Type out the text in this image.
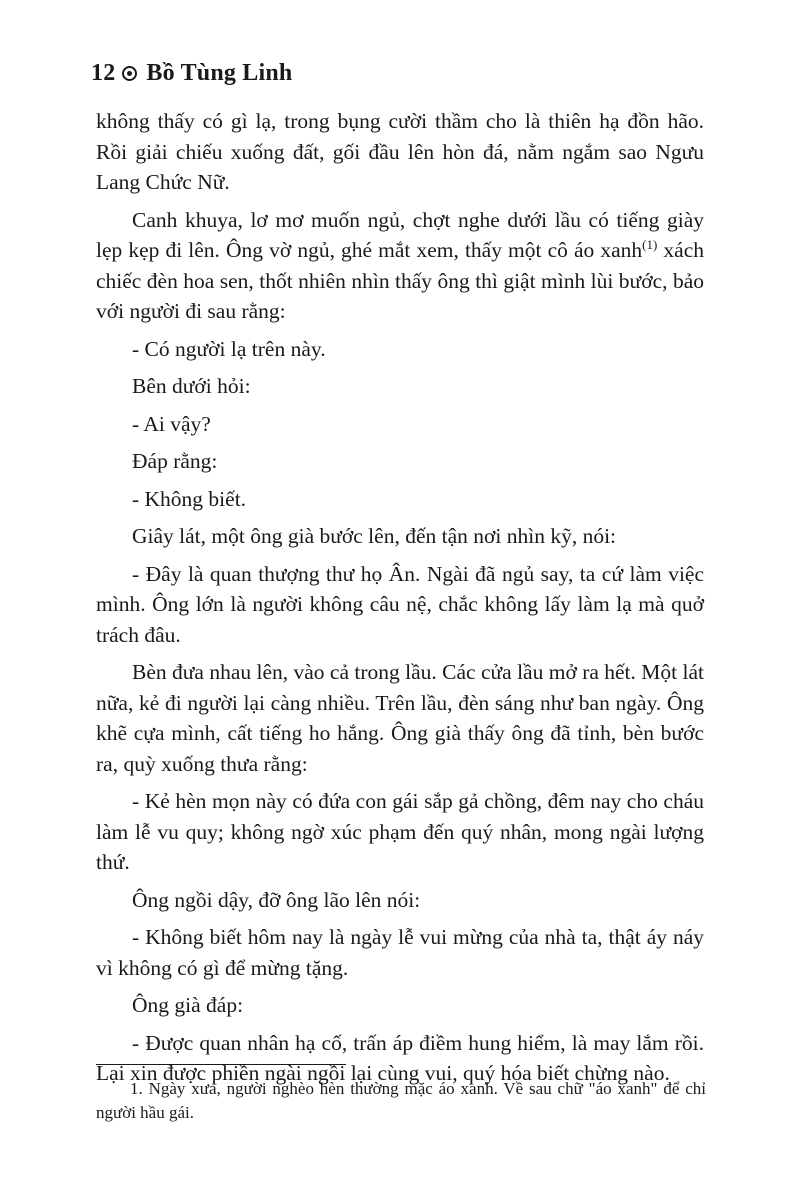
12 Bồ Tùng Linh

không thấy có gì lạ, trong bụng cười thầm cho là thiên hạ đồn hão. Rồi giải chiếu xuống đất, gối đầu lên hòn đá, nằm ngắm sao Ngưu Lang Chức Nữ.

Canh khuya, lơ mơ muốn ngủ, chợt nghe dưới lầu có tiếng giày lẹp kẹp đi lên. Ông vờ ngủ, ghé mắt xem, thấy một cô áo xanh$^{(1)}$ xách chiếc đèn hoa sen, thốt nhiên nhìn thấy ông thì giật mình lùi bước, bảo với người đi sau rằng:

- Có người lạ trên này.

Bên dưới hỏi:

- Ai vậy?

Đáp rằng:

- Không biết.

Giây lát, một ông già bước lên, đến tận nơi nhìn kỹ, nói:

- Đây là quan thượng thư họ Ân. Ngài đã ngủ say, ta cứ làm việc mình. Ông lớn là người không câu nệ, chắc không lấy làm lạ mà quở trách đâu.

Bèn đưa nhau lên, vào cả trong lầu. Các cửa lầu mở ra hết. Một lát nữa, kẻ đi người lại càng nhiều. Trên lầu, đèn sáng như ban ngày. Ông khẽ cựa mình, cất tiếng ho hắng. Ông già thấy ông đã tỉnh, bèn bước ra, quỳ xuống thưa rằng:

- Kẻ hèn mọn này có đứa con gái sắp gả chồng, đêm nay cho cháu làm lễ vu quy; không ngờ xúc phạm đến quý nhân, mong ngài lượng thứ.

Ông ngồi dậy, đỡ ông lão lên nói:

- Không biết hôm nay là ngày lễ vui mừng của nhà ta, thật áy náy vì không có gì để mừng tặng.

Ông già đáp:

- Được quan nhân hạ cố, trấn áp điềm hung hiểm, là may lắm rồi. Lại xin được phiền ngài ngồi lại cùng vui, quý hóa biết chừng nào.

1. Ngày xưa, người nghèo hèn thường mặc áo xanh. Về sau chữ "áo xanh" để chỉ người hầu gái.
